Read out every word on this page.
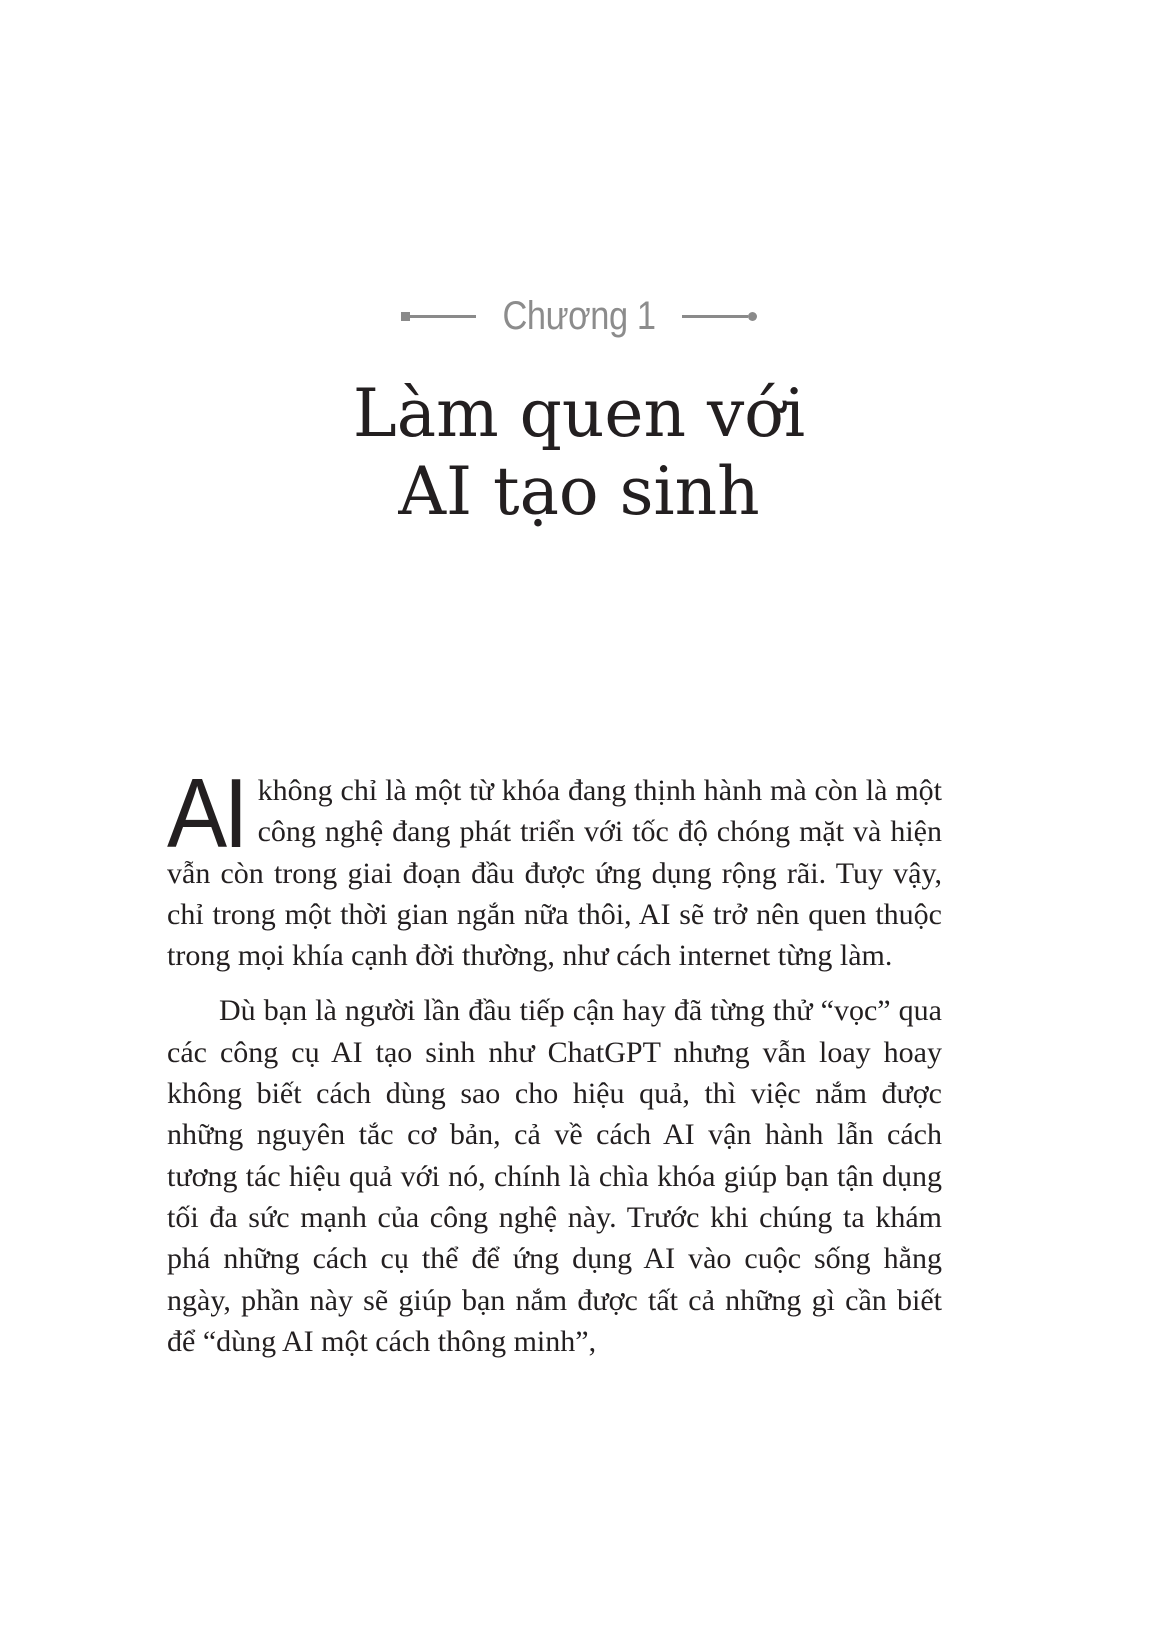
Chương 1
Làm quen với
AI tạo sinh

AI không chỉ là một từ khóa đang thịnh hành mà còn là một công nghệ đang phát triển với tốc độ chóng mặt và hiện vẫn còn trong giai đoạn đầu được ứng dụng rộng rãi. Tuy vậy, chỉ trong một thời gian ngắn nữa thôi, AI sẽ trở nên quen thuộc trong mọi khía cạnh đời thường, như cách internet từng làm.

Dù bạn là người lần đầu tiếp cận hay đã từng thử “vọc” qua các công cụ AI tạo sinh như ChatGPT nhưng vẫn loay hoay không biết cách dùng sao cho hiệu quả, thì việc nắm được những nguyên tắc cơ bản, cả về cách AI vận hành lẫn cách tương tác hiệu quả với nó, chính là chìa khóa giúp bạn tận dụng tối đa sức mạnh của công nghệ này. Trước khi chúng ta khám phá những cách cụ thể để ứng dụng AI vào cuộc sống hằng ngày, phần này sẽ giúp bạn nắm được tất cả những gì cần biết để “dùng AI một cách thông minh”,
